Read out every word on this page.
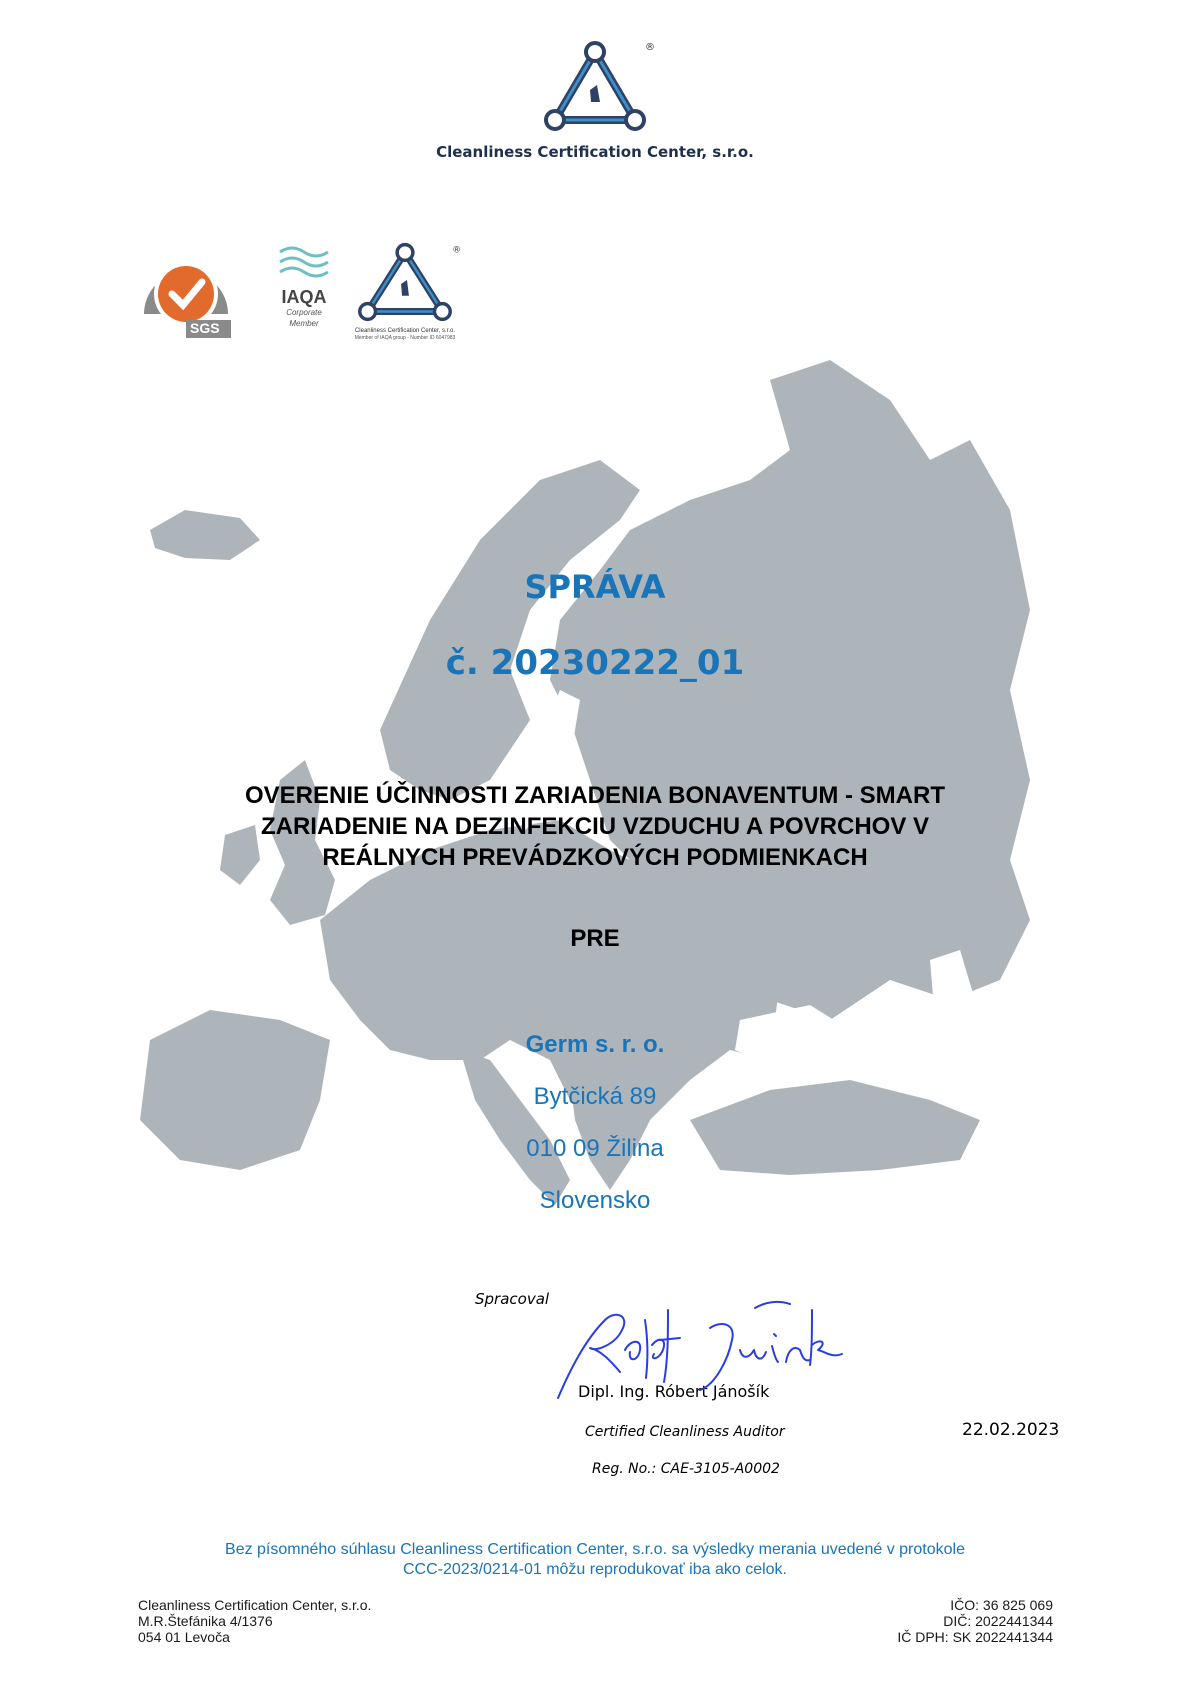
®
Cleanliness Certification Center, s.r.o.
SGS
IAQA
Corporate
Member
®
Cleanliness Certification Center, s.r.o.
Member of IAQA group - Number ID 6047983
SPRÁVA
č. 20230222_01
OVERENIE ÚČINNOSTI ZARIADENIA BONAVENTUM - SMART
ZARIADENIE NA DEZINFEKCIU VZDUCHU A POVRCHOV V
REÁLNYCH PREVÁDZKOVÝCH PODMIENKACH
PRE
Germ s. r. o.
Bytčická 89
010 09 Žilina
Slovensko
Spracoval
Dipl. Ing. Róbert Jánošík
Certified Cleanliness Auditor
Reg. No.: CAE-3105-A0002
22.02.2023
Bez písomného súhlasu Cleanliness Certification Center, s.r.o. sa výsledky merania uvedené v protokole
CCC-2023/0214-01 môžu reprodukovať iba ako celok.
Cleanliness Certification Center, s.r.o.
M.R.Štefánika 4/1376
054 01 Levoča
IČO: 36 825 069
DIČ: 2022441344
IČ DPH: SK 2022441344
